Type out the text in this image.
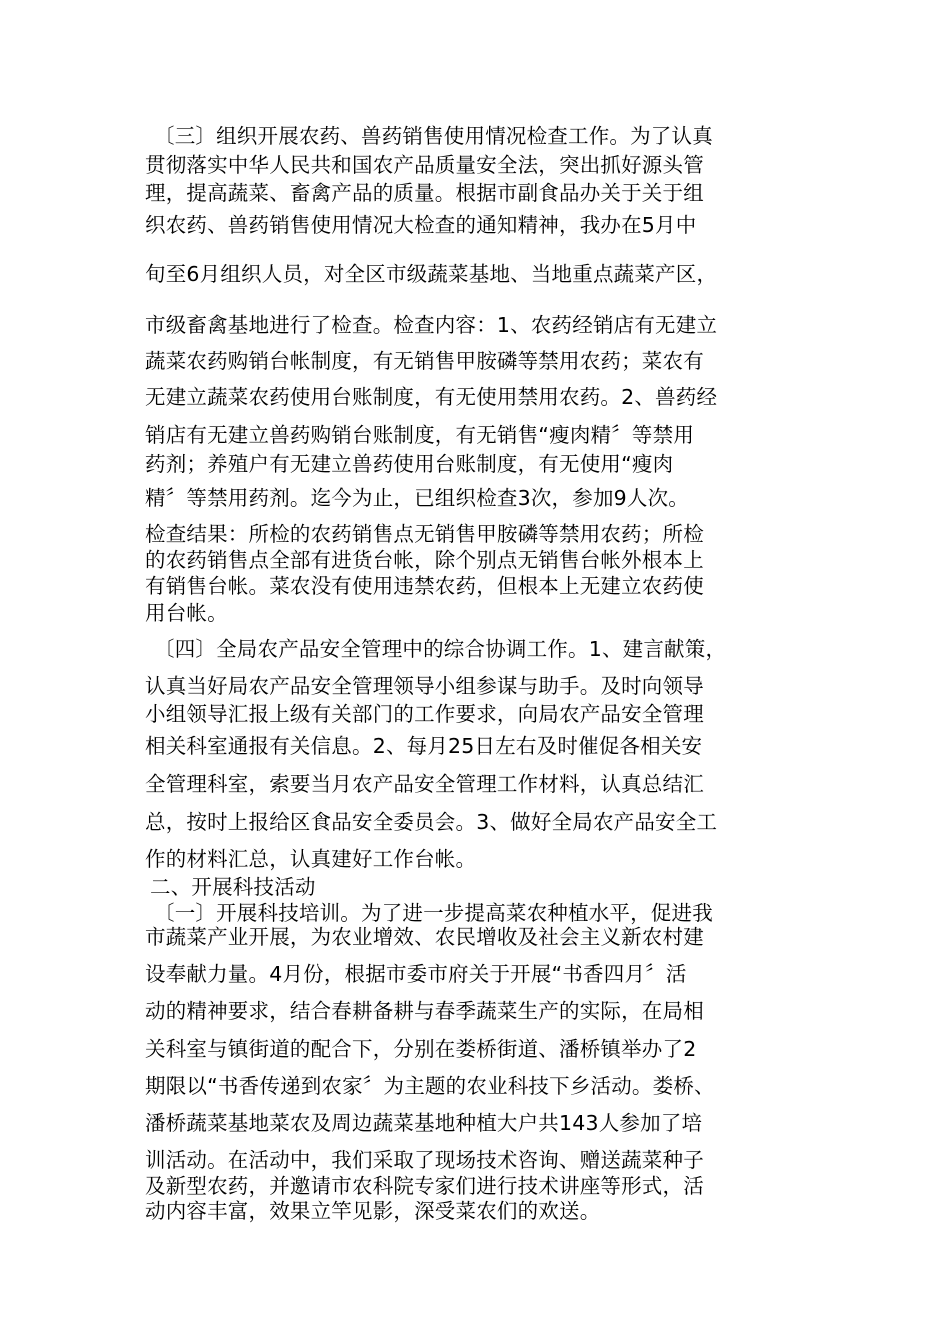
〔三〕组织开展农药、兽药销售使用情况检查工作。为了认真

贯彻落实中华人民共和国农产品质量安全法，突出抓好源头管

理，提高蔬菜、畜禽产品的质量。根据市副食品办关于关于组

织农药、兽药销售使用情况大检查的通知精神，我办在5月中

旬至6月组织人员，对全区市级蔬菜基地、当地重点蔬菜产区，

市级畜禽基地进行了检查。检查内容：1、农药经销店有无建立

蔬菜农药购销台帐制度，有无销售甲胺磷等禁用农药；菜农有

无建立蔬菜农药使用台账制度，有无使用禁用农药。2、兽药经

销店有无建立兽药购销台账制度，有无销售“瘦肉精〞等禁用

药剂；养殖户有无建立兽药使用台账制度，有无使用“瘦肉

精〞等禁用药剂。迄今为止，已组织检查3次，参加9人次。

检查结果：所检的农药销售点无销售甲胺磷等禁用农药；所检

的农药销售点全部有进货台帐，除个别点无销售台帐外根本上

有销售台帐。菜农没有使用违禁农药，但根本上无建立农药使

用台帐。

〔四〕全局农产品安全管理中的综合协调工作。1、建言献策，

认真当好局农产品安全管理领导小组参谋与助手。及时向领导

小组领导汇报上级有关部门的工作要求，向局农产品安全管理

相关科室通报有关信息。2、每月25日左右及时催促各相关安

全管理科室，索要当月农产品安全管理工作材料，认真总结汇

总，按时上报给区食品安全委员会。3、做好全局农产品安全工

作的材料汇总，认真建好工作台帐。

二、开展科技活动

〔一〕开展科技培训。为了进一步提高菜农种植水平，促进我

市蔬菜产业开展，为农业增效、农民增收及社会主义新农村建

设奉献力量。4月份，根据市委市府关于开展“书香四月〞活

动的精神要求，结合春耕备耕与春季蔬菜生产的实际，在局相

关科室与镇街道的配合下，分别在娄桥街道、潘桥镇举办了2

期限以“书香传递到农家〞为主题的农业科技下乡活动。娄桥、

潘桥蔬菜基地菜农及周边蔬菜基地种植大户共143人参加了培

训活动。在活动中，我们采取了现场技术咨询、赠送蔬菜种子

及新型农药，并邀请市农科院专家们进行技术讲座等形式，活

动内容丰富，效果立竿见影，深受菜农们的欢送。
